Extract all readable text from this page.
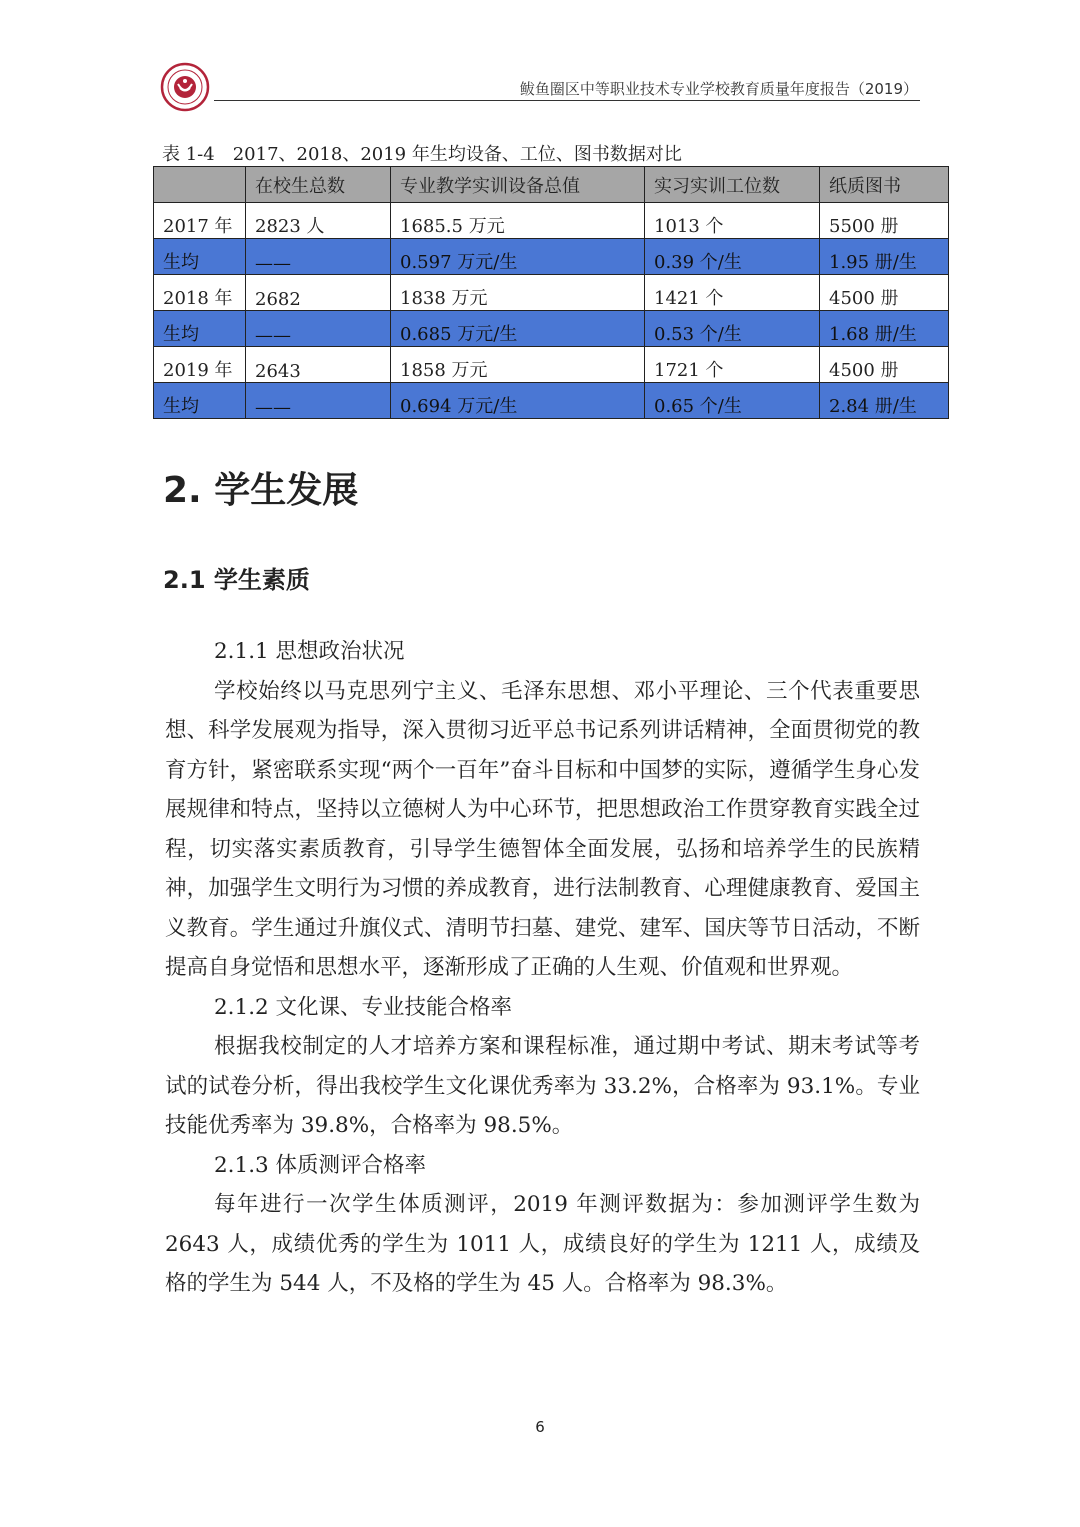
鲅鱼圈区中等职业技术专业学校教育质量年度报告（2019）
表 1-4　2017、2018、2019 年生均设备、工位、图书数据对比
	在校生总数	专业教学实训设备总值	实习实训工位数	纸质图书
2017 年	2823 人	1685.5 万元	1013 个	5500 册
生均	——	0.597 万元/生	0.39 个/生	1.95 册/生
2018 年	2682	1838 万元	1421 个	4500 册
生均	——	0.685 万元/生	0.53 个/生	1.68 册/生
2019 年	2643	1858 万元	1721 个	4500 册
生均	——	0.694 万元/生	0.65 个/生	2.84 册/生
2. 学生发展
2.1 学生素质

2.1.1 思想政治状况

学校始终以马克思列宁主义、毛泽东思想、邓小平理论、三个代表重要思想、科学发展观为指导，深入贯彻习近平总书记系列讲话精神，全面贯彻党的教育方针，紧密联系实现“两个一百年”奋斗目标和中国梦的实际，遵循学生身心发展规律和特点，坚持以立德树人为中心环节，把思想政治工作贯穿教育实践全过程，切实落实素质教育，引导学生德智体全面发展，弘扬和培养学生的民族精神，加强学生文明行为习惯的养成教育，进行法制教育、心理健康教育、爱国主义教育。学生通过升旗仪式、清明节扫墓、建党、建军、国庆等节日活动，不断提高自身觉悟和思想水平，逐渐形成了正确的人生观、价值观和世界观。

2.1.2 文化课、专业技能合格率

根据我校制定的人才培养方案和课程标准，通过期中考试、期末考试等考试的试卷分析，得出我校学生文化课优秀率为 33.2%，合格率为 93.1%。专业技能优秀率为 39.8%，合格率为 98.5%。

2.1.3 体质测评合格率

每年进行一次学生体质测评，2019 年测评数据为：参加测评学生数为 2643 人，成绩优秀的学生为 1011 人，成绩良好的学生为 1211 人，成绩及格的学生为 544 人，不及格的学生为 45 人。合格率为 98.3%。

6
